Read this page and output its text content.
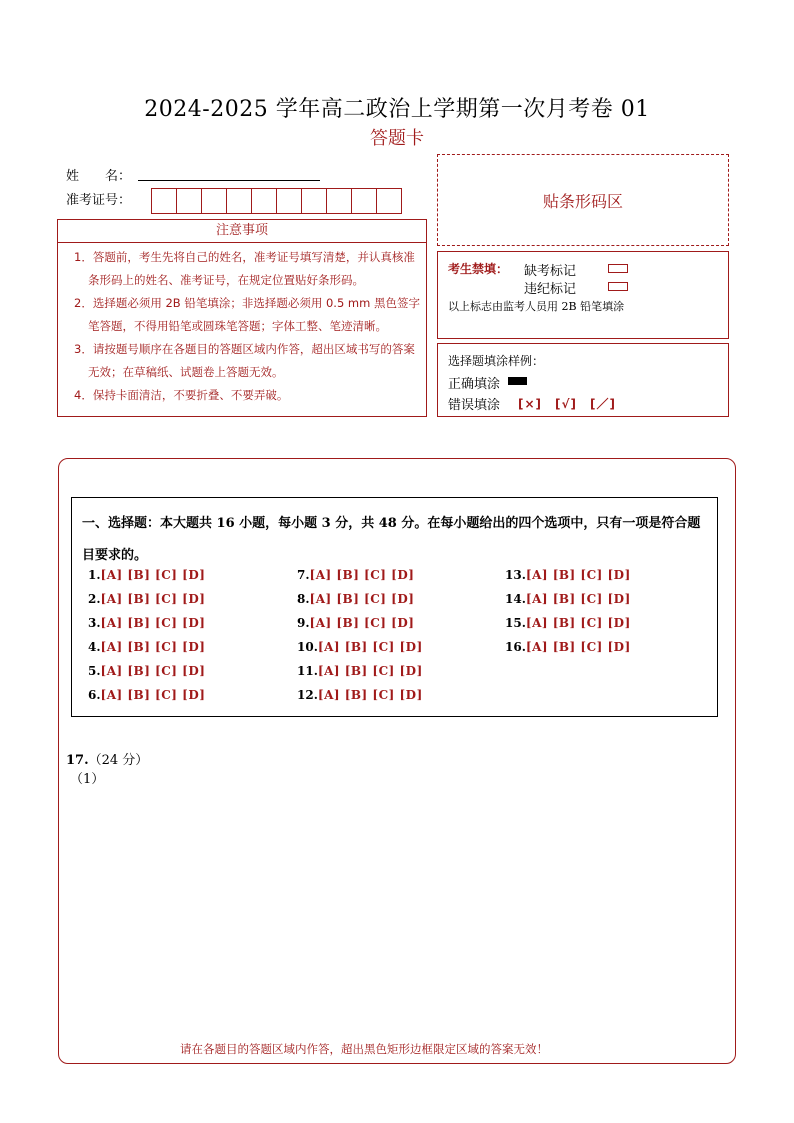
2024-2025 学年高二政治上学期第一次月考卷 01
答题卡
姓　　名：
准考证号：
注意事项
1．答题前，考生先将自己的姓名，准考证号填写清楚，并认真核准条形码上的姓名、准考证号，在规定位置贴好条形码。
2．选择题必须用 2B 铅笔填涂；非选择题必须用 0.5 mm 黑色签字笔答题，不得用铅笔或圆珠笔答题；字体工整、笔迹清晰。
3．请按题号顺序在各题目的答题区域内作答，超出区域书写的答案无效；在草稿纸、试题卷上答题无效。
4．保持卡面清洁，不要折叠、不要弄破。
贴条形码区
考生禁填： 缺考标记
违纪标记
以上标志由监考人员用 2B 铅笔填涂
选择题填涂样例：
正确填涂
错误填涂 [×]　[√]　[／]
一、选择题：本大题共 16 小题，每小题 3 分，共 48 分。在每小题给出的四个选项中，只有一项是符合题目要求的。
1.[A] [B] [C] [D]
2.[A] [B] [C] [D]
3.[A] [B] [C] [D]
4.[A] [B] [C] [D]
5.[A] [B] [C] [D]
6.[A] [B] [C] [D]
7.[A] [B] [C] [D]
8.[A] [B] [C] [D]
9.[A] [B] [C] [D]
10.[A] [B] [C] [D]
11.[A] [B] [C] [D]
12.[A] [B] [C] [D]
13.[A] [B] [C] [D]
14.[A] [B] [C] [D]
15.[A] [B] [C] [D]
16.[A] [B] [C] [D]
17.（24 分）
（1）
请在各题目的答题区域内作答，超出黑色矩形边框限定区域的答案无效！
